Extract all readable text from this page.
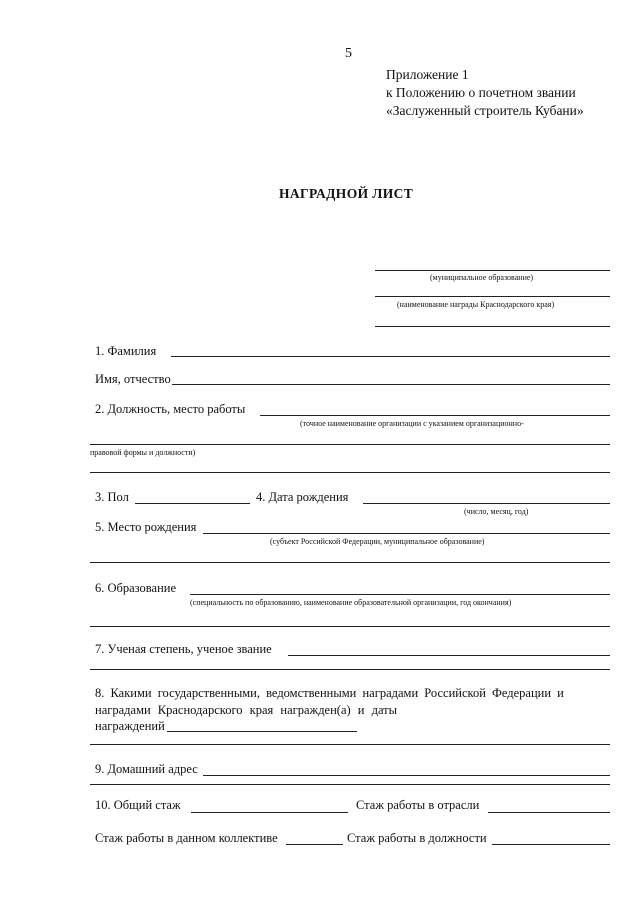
5
Приложение 1
к Положению о почетном звании
«Заслуженный строитель Кубани»
НАГРАДНОЙ ЛИСТ
(муниципальное образование)
(наименование награды Краснодарского края)
1. Фамилия
Имя, отчество
2. Должность, место работы
(точное наименование организации с указанием организационно-
правовой формы и должности)
3. Пол	4. Дата рождения
(число, месяц, год)
5. Место рождения
(субъект Российской Федерации, муниципальное образование)
6. Образование
(специальность по образованию, наименование образовательной организации, год окончания)
7. Ученая степень, ученое звание
8. Какими государственными, ведомственными наградами Российской Федерации и
наградами Краснодарского края награжден(а) и даты
награждений
9. Домашний адрес
10. Общий стаж	Стаж работы в отрасли
Стаж работы в данном коллективе	Стаж работы в должности
